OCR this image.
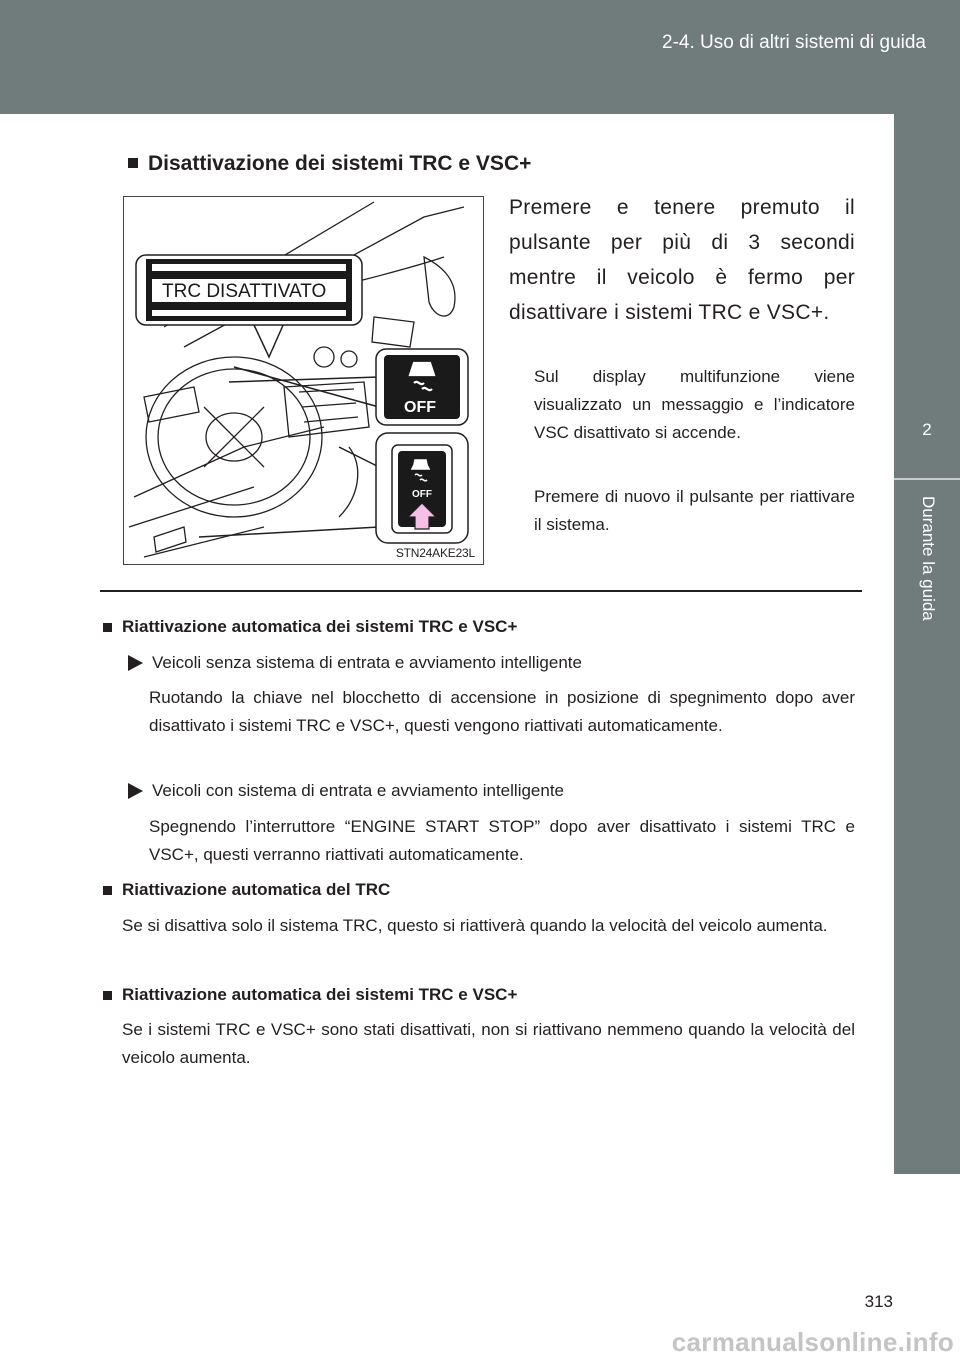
2-4. Uso di altri sistemi di guida
2
Durante la guida
Disattivazione dei sistemi TRC e VSC+
TRC DISATTIVATO
OFF
OFF
STN24AKE23L
Premere e tenere premuto il pulsante per più di 3 secondi mentre il veicolo è fermo per disattivare i sistemi TRC e VSC+.
Sul display multifunzione viene visualizzato un messaggio e l’indicatore VSC disattivato si accende.
Premere di nuovo il pulsante per riattivare il sistema.
Riattivazione automatica dei sistemi TRC e VSC+
Veicoli senza sistema di entrata e avviamento intelligente
Ruotando la chiave nel blocchetto di accensione in posizione di spegnimento dopo aver disattivato i sistemi TRC e VSC+, questi vengono riattivati automaticamente.
Veicoli con sistema di entrata e avviamento intelligente
Spegnendo l’interruttore “ENGINE START STOP” dopo aver disattivato i sistemi TRC e VSC+, questi verranno riattivati automaticamente.
Riattivazione automatica del TRC
Se si disattiva solo il sistema TRC, questo si riattiverà quando la velocità del veicolo aumenta.
Riattivazione automatica dei sistemi TRC e VSC+
Se i sistemi TRC e VSC+ sono stati disattivati, non si riattivano nemmeno quando la velocità del veicolo aumenta.
313
carmanualsonline.info
